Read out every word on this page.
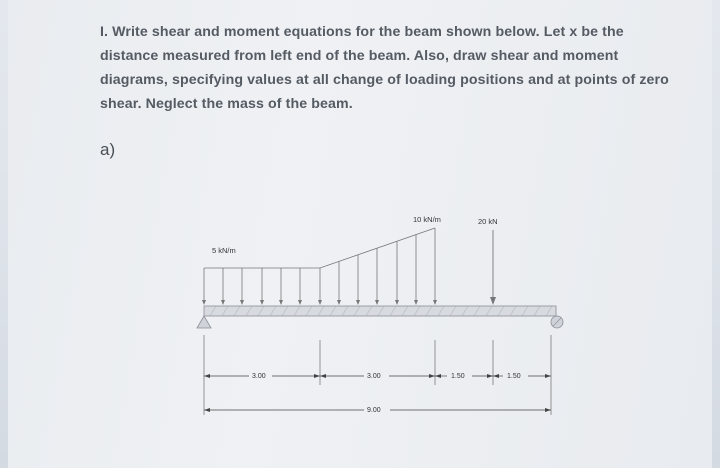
I. Write shear and moment equations for the beam shown below. Let x be the
distance measured from left end of the beam. Also, draw shear and moment
diagrams, specifying values at all change of loading positions and at points of zero
shear. Neglect the mass of the beam.
a)
5 kN/m
10 kN/m	20 kN
3.00	3.00	1.50	1.50
9.00
